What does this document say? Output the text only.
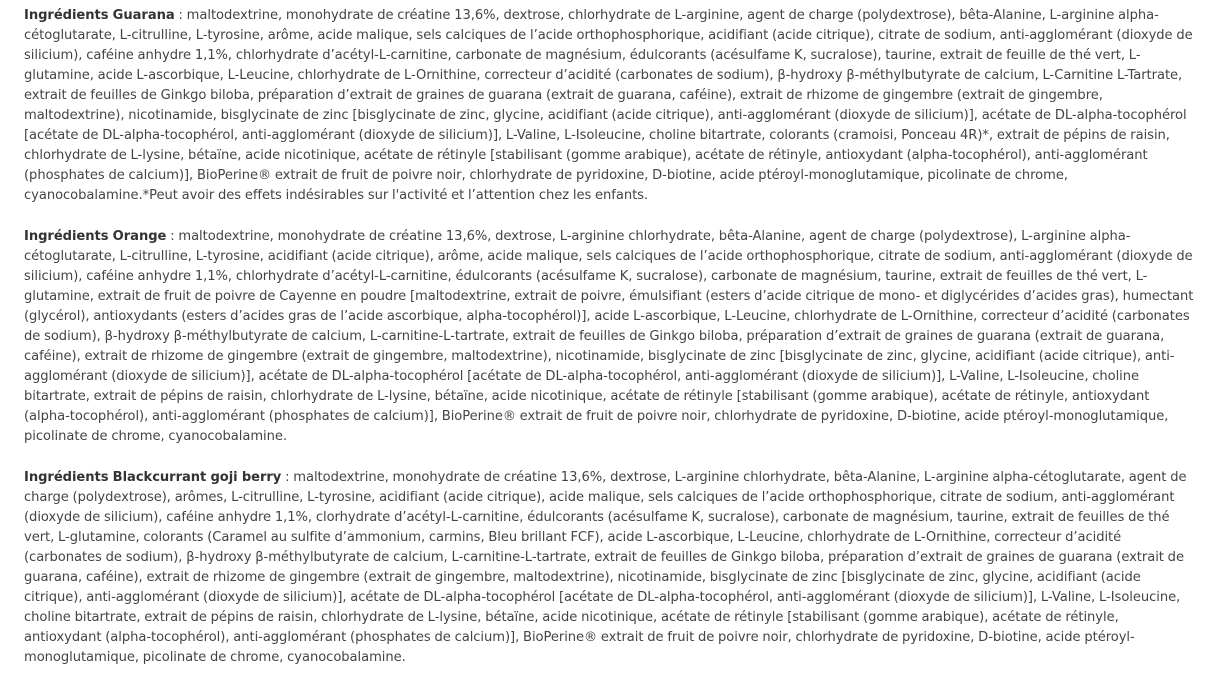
Ingrédients Guarana : maltodextrine, monohydrate de créatine 13,6%, dextrose, chlorhydrate de L-arginine, agent de charge (polydextrose), bêta-Alanine, L-arginine alpha-cétoglutarate, L-citrulline, L-tyrosine, arôme, acide malique, sels calciques de l’acide orthophosphorique, acidifiant (acide citrique), citrate de sodium, anti-agglomérant (dioxyde de silicium), caféine anhydre 1,1%, chlorhydrate d’acétyl-L-carnitine, carbonate de magnésium, édulcorants (acésulfame K, sucralose), taurine, extrait de feuille de thé vert, L-glutamine, acide L-ascorbique, L-Leucine, chlorhydrate de L-Ornithine, correcteur d’acidité (carbonates de sodium), β-hydroxy β-méthylbutyrate de calcium, L-Carnitine L-Tartrate, extrait de feuilles de Ginkgo biloba, préparation d’extrait de graines de guarana (extrait de guarana, caféine), extrait de rhizome de gingembre (extrait de gingembre, maltodextrine), nicotinamide, bisglycinate de zinc [bisglycinate de zinc, glycine, acidifiant (acide citrique), anti-agglomérant (dioxyde de silicium)], acétate de DL-alpha-tocophérol [acétate de DL-alpha-tocophérol, anti-agglomérant (dioxyde de silicium)], L-Valine, L-Isoleucine, choline bitartrate, colorants (cramoisi, Ponceau 4R)*, extrait de pépins de raisin, chlorhydrate de L-lysine, bétaïne, acide nicotinique, acétate de rétinyle [stabilisant (gomme arabique), acétate de rétinyle, antioxydant (alpha-tocophérol), anti-agglomérant (phosphates de calcium)], BioPerine® extrait de fruit de poivre noir, chlorhydrate de pyridoxine, D-biotine, acide ptéroyl-monoglutamique, picolinate de chrome, cyanocobalamine.*Peut avoir des effets indésirables sur l'activité et l’attention chez les enfants.

Ingrédients Orange : maltodextrine, monohydrate de créatine 13,6%, dextrose, L-arginine chlorhydrate, bêta-Alanine, agent de charge (polydextrose), L-arginine alpha-cétoglutarate, L-citrulline, L-tyrosine, acidifiant (acide citrique), arôme, acide malique, sels calciques de l’acide orthophosphorique, citrate de sodium, anti-agglomérant (dioxyde de silicium), caféine anhydre 1,1%, chlorhydrate d’acétyl-L-carnitine, édulcorants (acésulfame K, sucralose), carbonate de magnésium, taurine, extrait de feuilles de thé vert, L-glutamine, extrait de fruit de poivre de Cayenne en poudre [maltodextrine, extrait de poivre, émulsifiant (esters d’acide citrique de mono- et diglycérides d’acides gras), humectant (glycérol), antioxydants (esters d’acides gras de l’acide ascorbique, alpha-tocophérol)], acide L-ascorbique, L-Leucine, chlorhydrate de L-Ornithine, correcteur d’acidité (carbonates de sodium), β-hydroxy β-méthylbutyrate de calcium, L-carnitine-L-tartrate, extrait de feuilles de Ginkgo biloba, préparation d’extrait de graines de guarana (extrait de guarana, caféine), extrait de rhizome de gingembre (extrait de gingembre, maltodextrine), nicotinamide, bisglycinate de zinc [bisglycinate de zinc, glycine, acidifiant (acide citrique), anti-agglomérant (dioxyde de silicium)], acétate de DL-alpha-tocophérol [acétate de DL-alpha-tocophérol, anti-agglomérant (dioxyde de silicium)], L-Valine, L-Isoleucine, choline bitartrate, extrait de pépins de raisin, chlorhydrate de L-lysine, bétaïne, acide nicotinique, acétate de rétinyle [stabilisant (gomme arabique), acétate de rétinyle, antioxydant (alpha-tocophérol), anti-agglomérant (phosphates de calcium)], BioPerine® extrait de fruit de poivre noir, chlorhydrate de pyridoxine, D-biotine, acide ptéroyl-monoglutamique, picolinate de chrome, cyanocobalamine.

Ingrédients Blackcurrant goji berry : maltodextrine, monohydrate de créatine 13,6%, dextrose, L-arginine chlorhydrate, bêta-Alanine, L-arginine alpha-cétoglutarate, agent de charge (polydextrose), arômes, L-citrulline, L-tyrosine, acidifiant (acide citrique), acide malique, sels calciques de l’acide orthophosphorique, citrate de sodium, anti-agglomérant (dioxyde de silicium), caféine anhydre 1,1%, clorhydrate d’acétyl-L-carnitine, édulcorants (acésulfame K, sucralose), carbonate de magnésium, taurine, extrait de feuilles de thé vert, L-glutamine, colorants (Caramel au sulfite d’ammonium, carmins, Bleu brillant FCF), acide L-ascorbique, L-Leucine, chlorhydrate de L-Ornithine, correcteur d’acidité (carbonates de sodium), β-hydroxy β-méthylbutyrate de calcium, L-carnitine-L-tartrate, extrait de feuilles de Ginkgo biloba, préparation d’extrait de graines de guarana (extrait de guarana, caféine), extrait de rhizome de gingembre (extrait de gingembre, maltodextrine), nicotinamide, bisglycinate de zinc [bisglycinate de zinc, glycine, acidifiant (acide citrique), anti-agglomérant (dioxyde de silicium)], acétate de DL-alpha-tocophérol [acétate de DL-alpha-tocophérol, anti-agglomérant (dioxyde de silicium)], L-Valine, L-Isoleucine, choline bitartrate, extrait de pépins de raisin, chlorhydrate de L-lysine, bétaïne, acide nicotinique, acétate de rétinyle [stabilisant (gomme arabique), acétate de rétinyle, antioxydant (alpha-tocophérol), anti-agglomérant (phosphates de calcium)], BioPerine® extrait de fruit de poivre noir, chlorhydrate de pyridoxine, D-biotine, acide ptéroyl-monoglutamique, picolinate de chrome, cyanocobalamine.
